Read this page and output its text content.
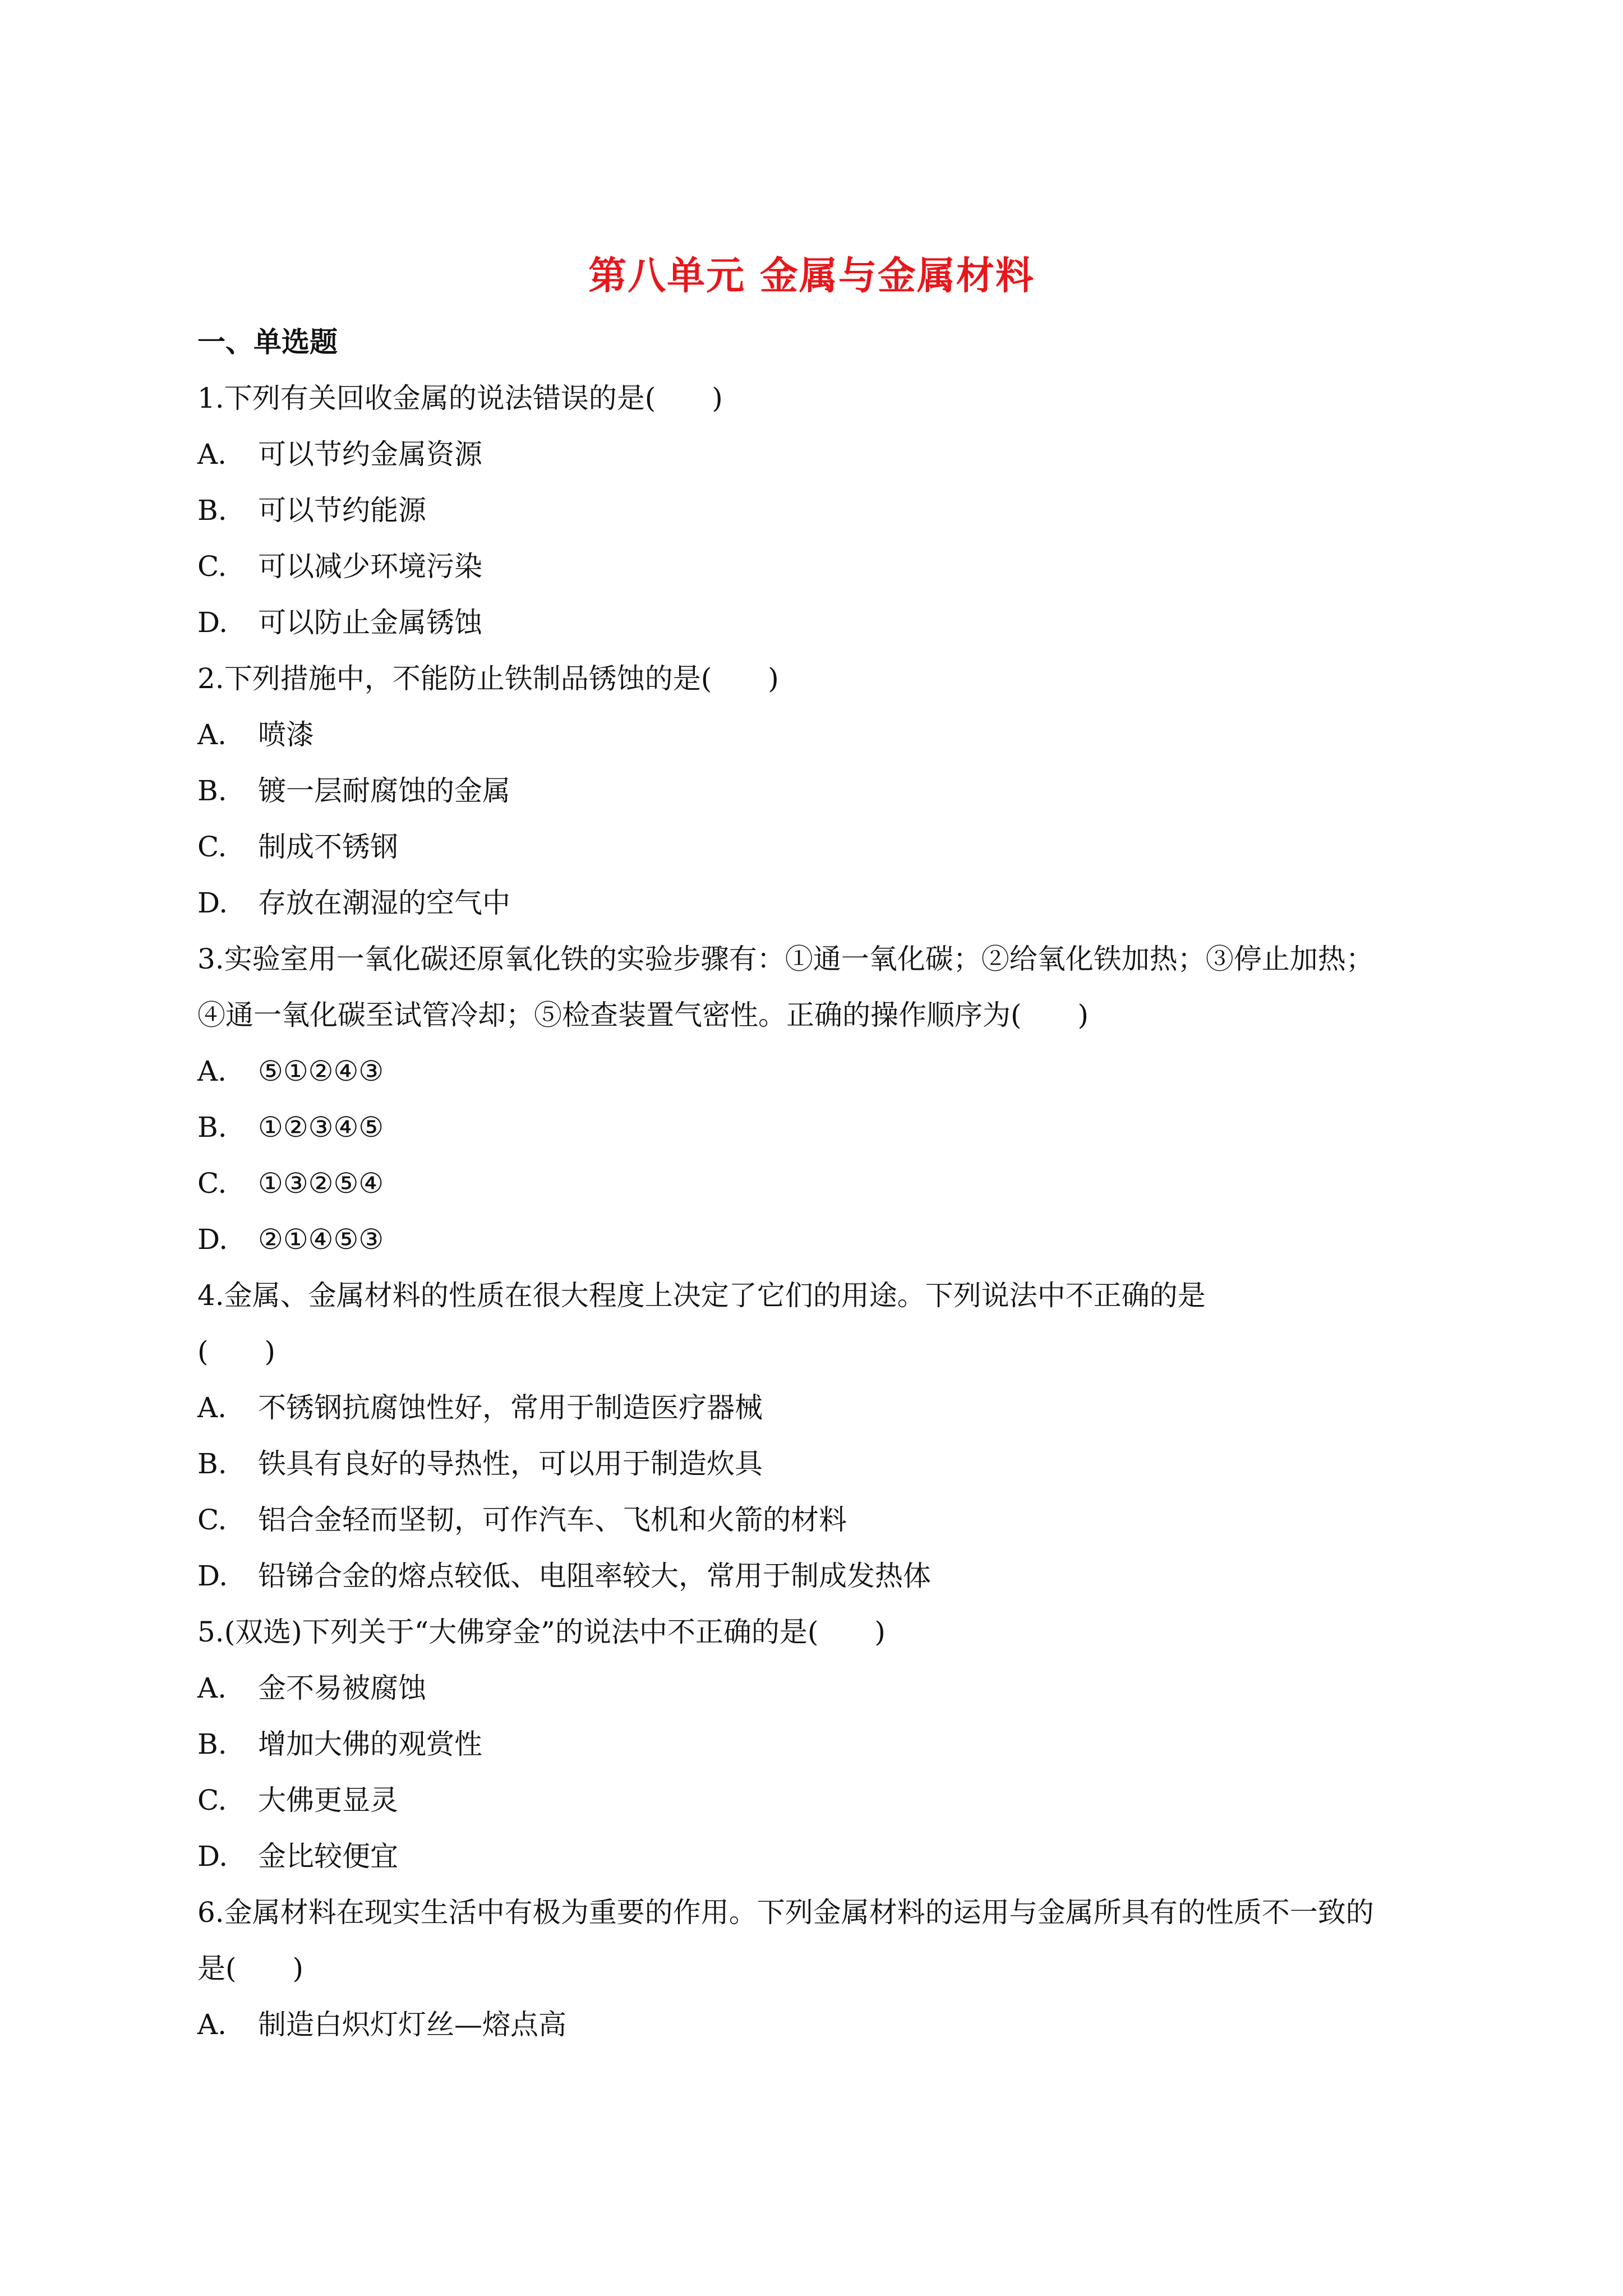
第八单元 金属与金属材料
一、单选题
1.下列有关回收金属的说法错误的是(　　)
A.	可以节约金属资源
B.	可以节约能源
C.	可以减少环境污染
D.	可以防止金属锈蚀
2.下列措施中，不能防止铁制品锈蚀的是(　　)
A.	喷漆
B.	镀一层耐腐蚀的金属
C.	制成不锈钢
D.	存放在潮湿的空气中
3.实验室用一氧化碳还原氧化铁的实验步骤有：①通一氧化碳；②给氧化铁加热；③停止加热；
④通一氧化碳至试管冷却；⑤检查装置气密性。正确的操作顺序为(　　)
A.	⑤①②④③
B.	①②③④⑤
C.	①③②⑤④
D.	②①④⑤③
4.金属、金属材料的性质在很大程度上决定了它们的用途。下列说法中不正确的是
(　　)
A.	不锈钢抗腐蚀性好，常用于制造医疗器械
B.	铁具有良好的导热性，可以用于制造炊具
C.	铝合金轻而坚韧，可作汽车、飞机和火箭的材料
D.	铅锑合金的熔点较低、电阻率较大，常用于制成发热体
5.(双选)下列关于“大佛穿金”的说法中不正确的是(　　)
A.	金不易被腐蚀
B.	增加大佛的观赏性
C.	大佛更显灵
D.	金比较便宜
6.金属材料在现实生活中有极为重要的作用。下列金属材料的运用与金属所具有的性质不一致的
是(　　)
A.	制造白炽灯灯丝—熔点高
